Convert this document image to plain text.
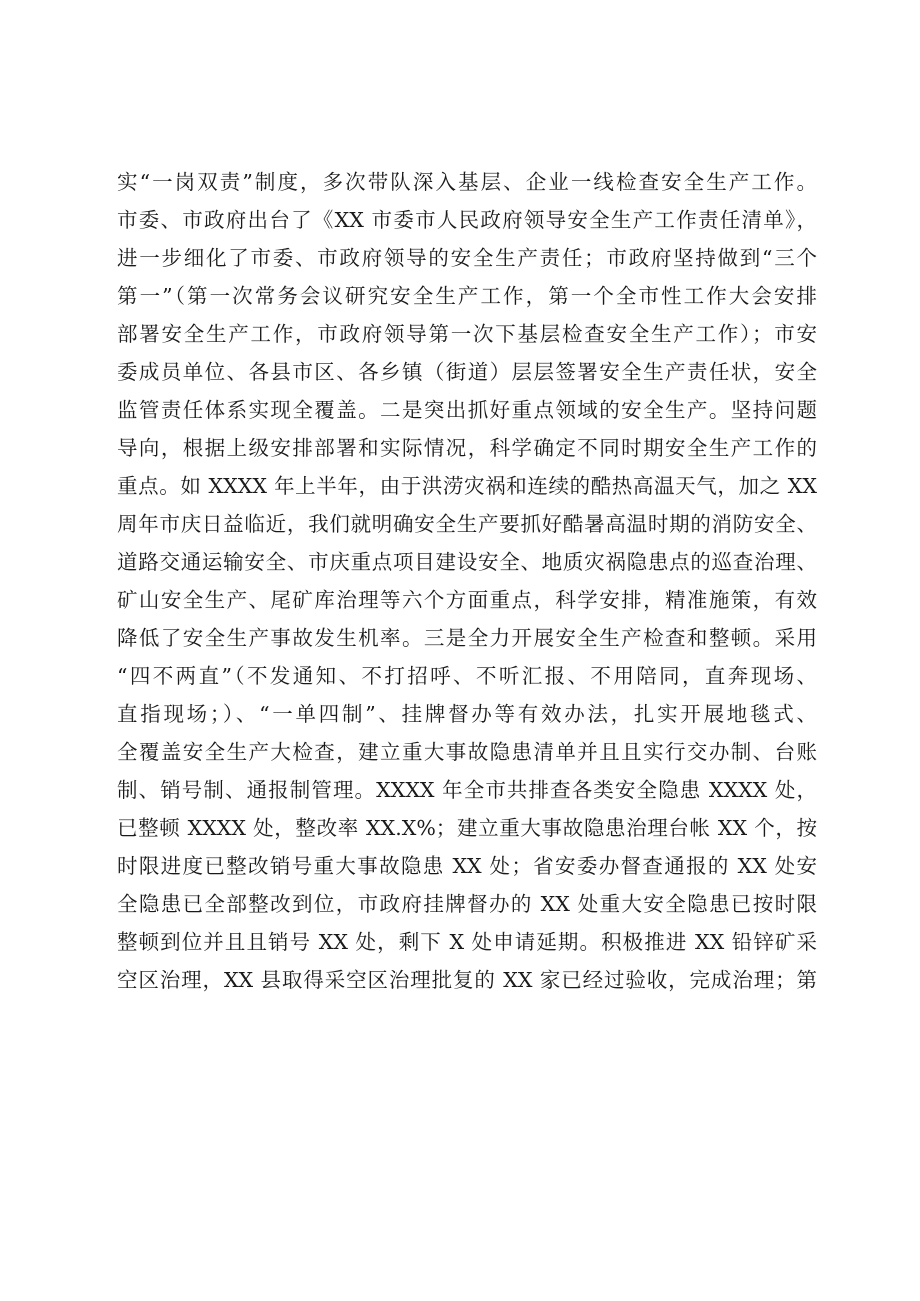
实“一岗双责”制度，多次带队深入基层、企业一线检查安全生产工作。
市委、市政府出台了《XX 市委市人民政府领导安全生产工作责任清单》，
进一步细化了市委、市政府领导的安全生产责任；市政府坚持做到“三个
第一”（第一次常务会议研究安全生产工作，第一个全市性工作大会安排
部署安全生产工作，市政府领导第一次下基层检查安全生产工作）；市安
委成员单位、各县市区、各乡镇（街道）层层签署安全生产责任状，安全
监管责任体系实现全覆盖。二是突出抓好重点领域的安全生产。坚持问题
导向，根据上级安排部署和实际情况，科学确定不同时期安全生产工作的
重点。如 XXXX 年上半年，由于洪涝灾祸和连续的酷热高温天气，加之 XX
周年市庆日益临近，我们就明确安全生产要抓好酷暑高温时期的消防安全、
道路交通运输安全、市庆重点项目建设安全、地质灾祸隐患点的巡查治理、
矿山安全生产、尾矿库治理等六个方面重点，科学安排，精准施策，有效
降低了安全生产事故发生机率。三是全力开展安全生产检查和整顿。采用
“四不两直”（不发通知、不打招呼、不听汇报、不用陪同，直奔现场、
直指现场；）、“一单四制”、挂牌督办等有效办法，扎实开展地毯式、
全覆盖安全生产大检查，建立重大事故隐患清单并且且实行交办制、台账
制、销号制、通报制管理。XXXX 年全市共排查各类安全隐患 XXXX 处，
已整顿 XXXX 处，整改率 XX.X%；建立重大事故隐患治理台帐 XX 个，按
时限进度已整改销号重大事故隐患 XX 处；省安委办督查通报的 XX 处安
全隐患已全部整改到位，市政府挂牌督办的 XX 处重大安全隐患已按时限
整顿到位并且且销号 XX 处，剩下 X 处申请延期。积极推进 XX 铅锌矿采
空区治理，XX 县取得采空区治理批复的 XX 家已经过验收，完成治理；第
